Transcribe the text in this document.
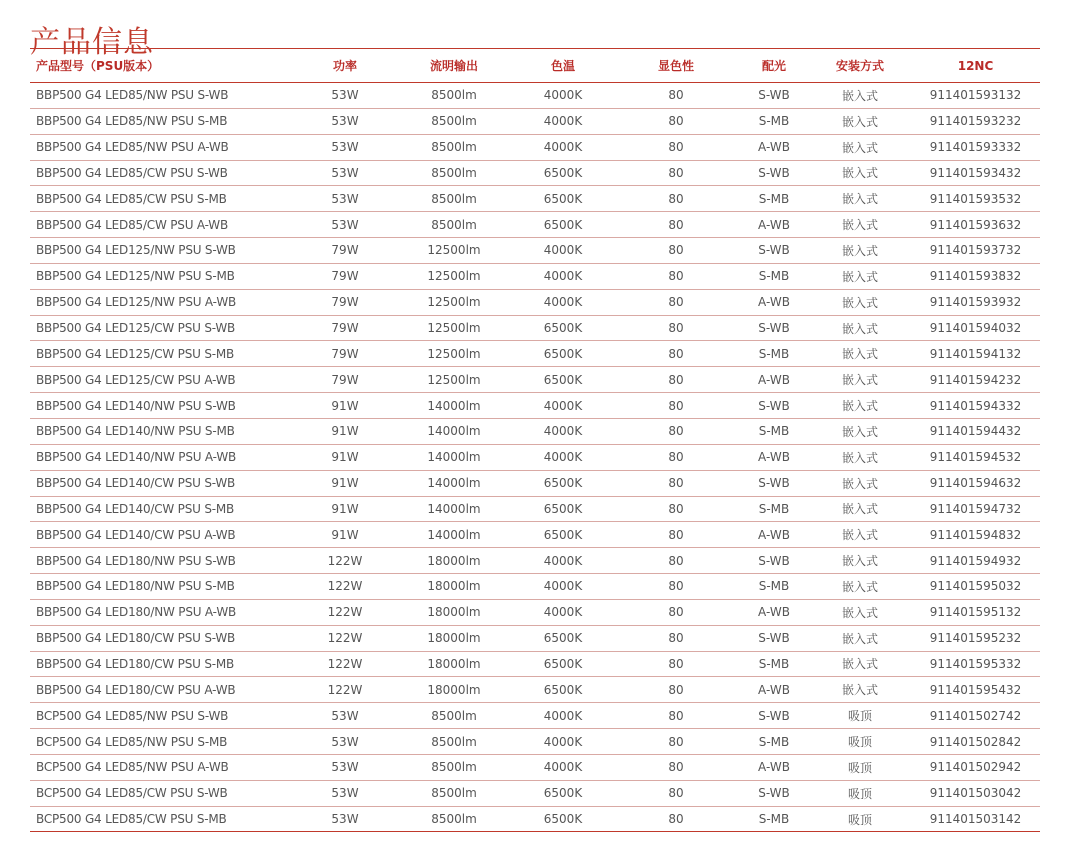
产品信息
产品型号（PSU版本）	功率	流明输出	色温	显色性	配光	安装方式	12NC
BBP500 G4 LED85/NW PSU S-WB	53W	8500lm	4000K	80	S-WB	嵌入式	911401593132
BBP500 G4 LED85/NW PSU S-MB	53W	8500lm	4000K	80	S-MB	嵌入式	911401593232
BBP500 G4 LED85/NW PSU A-WB	53W	8500lm	4000K	80	A-WB	嵌入式	911401593332
BBP500 G4 LED85/CW PSU S-WB	53W	8500lm	6500K	80	S-WB	嵌入式	911401593432
BBP500 G4 LED85/CW PSU S-MB	53W	8500lm	6500K	80	S-MB	嵌入式	911401593532
BBP500 G4 LED85/CW PSU A-WB	53W	8500lm	6500K	80	A-WB	嵌入式	911401593632
BBP500 G4 LED125/NW PSU S-WB	79W	12500lm	4000K	80	S-WB	嵌入式	911401593732
BBP500 G4 LED125/NW PSU S-MB	79W	12500lm	4000K	80	S-MB	嵌入式	911401593832
BBP500 G4 LED125/NW PSU A-WB	79W	12500lm	4000K	80	A-WB	嵌入式	911401593932
BBP500 G4 LED125/CW PSU S-WB	79W	12500lm	6500K	80	S-WB	嵌入式	911401594032
BBP500 G4 LED125/CW PSU S-MB	79W	12500lm	6500K	80	S-MB	嵌入式	911401594132
BBP500 G4 LED125/CW PSU A-WB	79W	12500lm	6500K	80	A-WB	嵌入式	911401594232
BBP500 G4 LED140/NW PSU S-WB	91W	14000lm	4000K	80	S-WB	嵌入式	911401594332
BBP500 G4 LED140/NW PSU S-MB	91W	14000lm	4000K	80	S-MB	嵌入式	911401594432
BBP500 G4 LED140/NW PSU A-WB	91W	14000lm	4000K	80	A-WB	嵌入式	911401594532
BBP500 G4 LED140/CW PSU S-WB	91W	14000lm	6500K	80	S-WB	嵌入式	911401594632
BBP500 G4 LED140/CW PSU S-MB	91W	14000lm	6500K	80	S-MB	嵌入式	911401594732
BBP500 G4 LED140/CW PSU A-WB	91W	14000lm	6500K	80	A-WB	嵌入式	911401594832
BBP500 G4 LED180/NW PSU S-WB	122W	18000lm	4000K	80	S-WB	嵌入式	911401594932
BBP500 G4 LED180/NW PSU S-MB	122W	18000lm	4000K	80	S-MB	嵌入式	911401595032
BBP500 G4 LED180/NW PSU A-WB	122W	18000lm	4000K	80	A-WB	嵌入式	911401595132
BBP500 G4 LED180/CW PSU S-WB	122W	18000lm	6500K	80	S-WB	嵌入式	911401595232
BBP500 G4 LED180/CW PSU S-MB	122W	18000lm	6500K	80	S-MB	嵌入式	911401595332
BBP500 G4 LED180/CW PSU A-WB	122W	18000lm	6500K	80	A-WB	嵌入式	911401595432
BCP500 G4 LED85/NW PSU S-WB	53W	8500lm	4000K	80	S-WB	吸顶	911401502742
BCP500 G4 LED85/NW PSU S-MB	53W	8500lm	4000K	80	S-MB	吸顶	911401502842
BCP500 G4 LED85/NW PSU A-WB	53W	8500lm	4000K	80	A-WB	吸顶	911401502942
BCP500 G4 LED85/CW PSU S-WB	53W	8500lm	6500K	80	S-WB	吸顶	911401503042
BCP500 G4 LED85/CW PSU S-MB	53W	8500lm	6500K	80	S-MB	吸顶	911401503142
